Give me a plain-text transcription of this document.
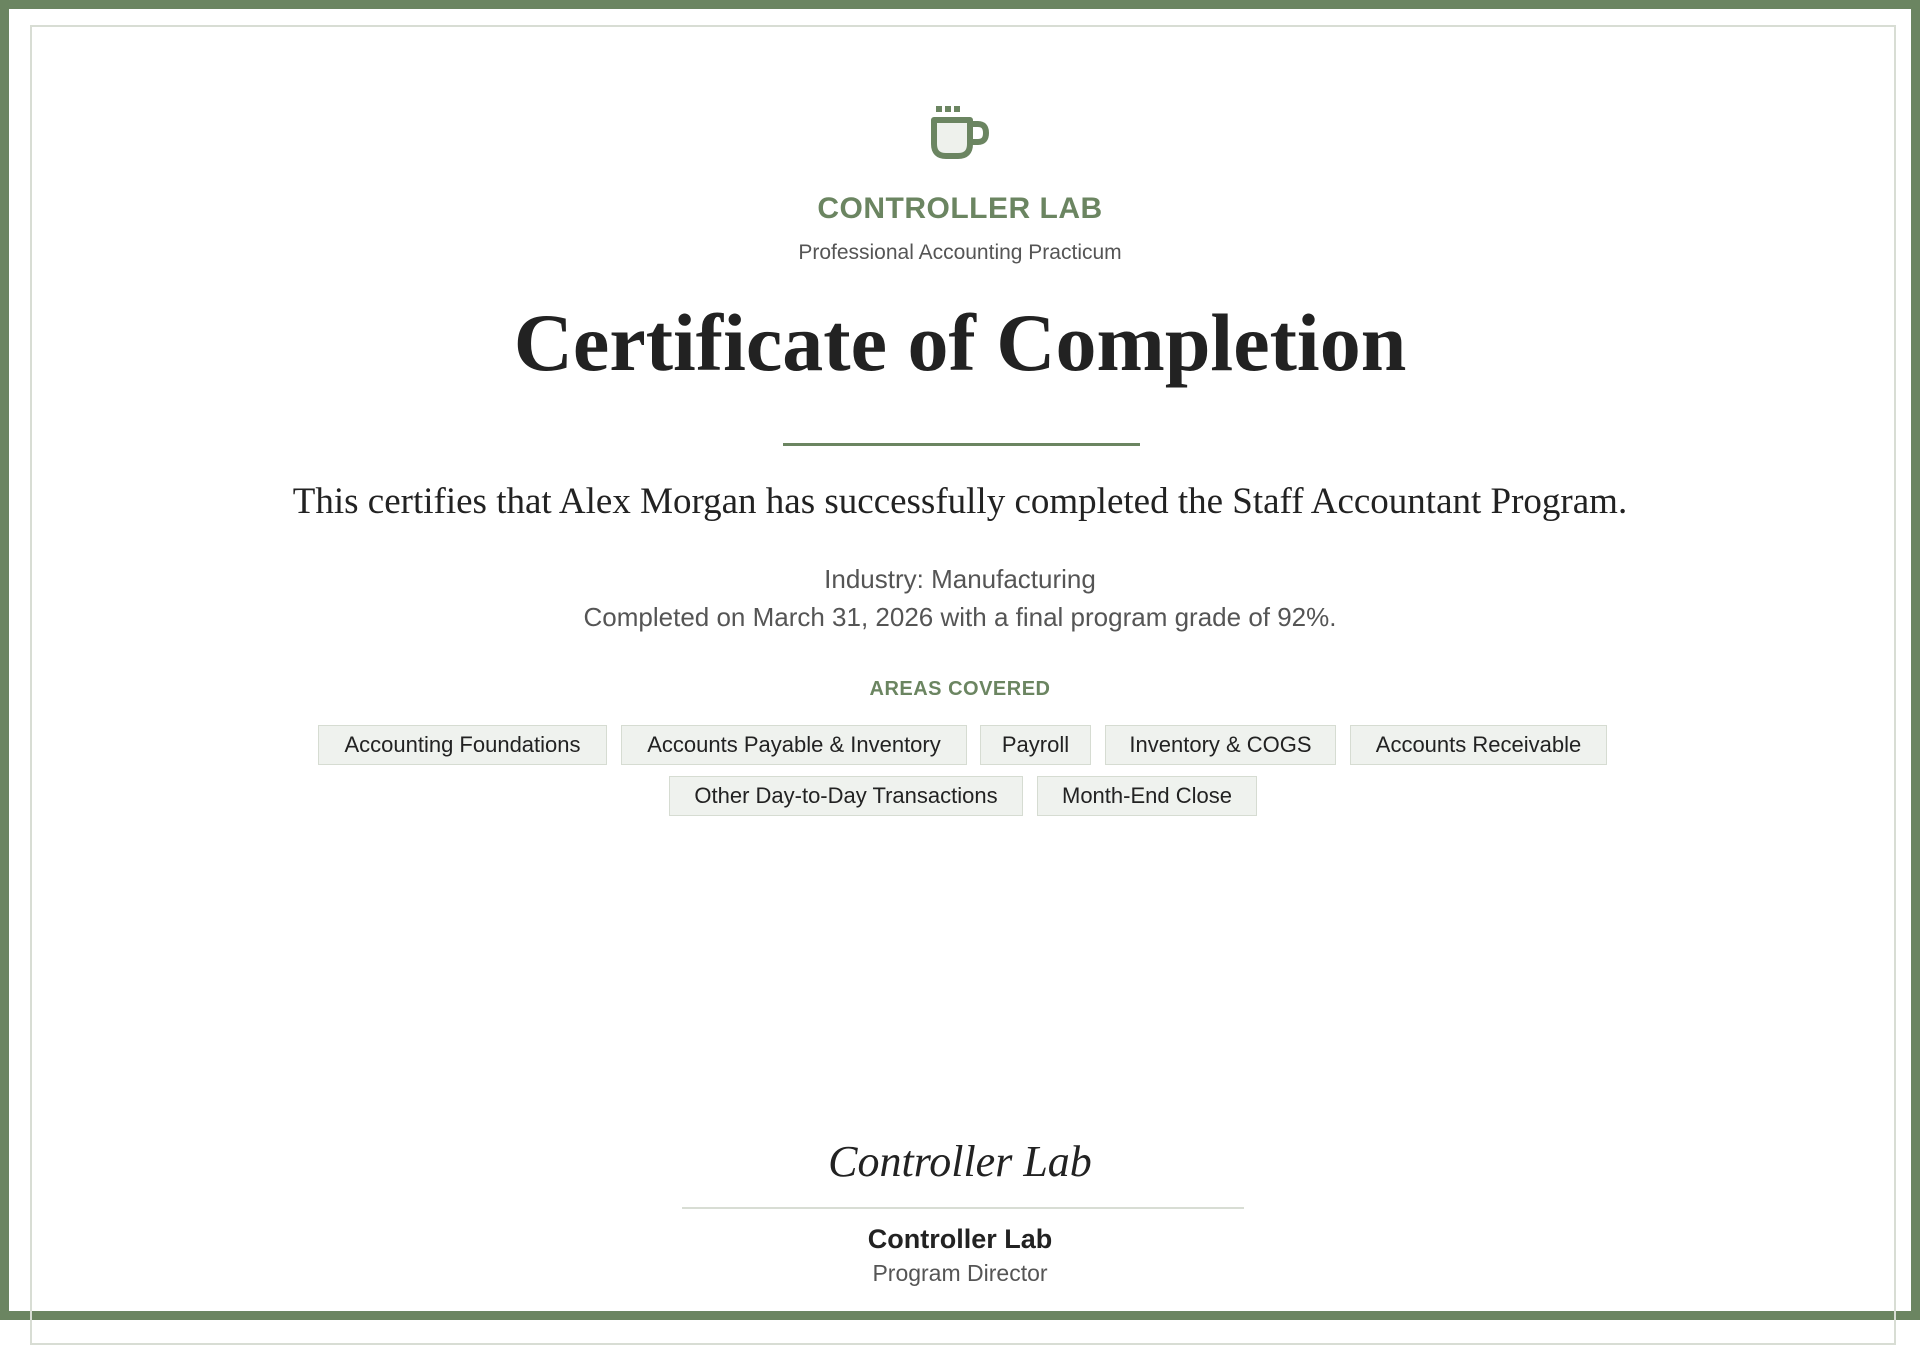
CONTROLLER LAB
Professional Accounting Practicum
Certificate of Completion
This certifies that Alex Morgan has successfully completed the Staff Accountant Program.
Industry: Manufacturing
Completed on March 31, 2026 with a final program grade of 92%.
AREAS COVERED
Accounting Foundations	Accounts Payable & Inventory	Payroll	Inventory & COGS	Accounts Receivable
Other Day-to-Day Transactions	Month-End Close
Controller Lab
Controller Lab
Program Director
